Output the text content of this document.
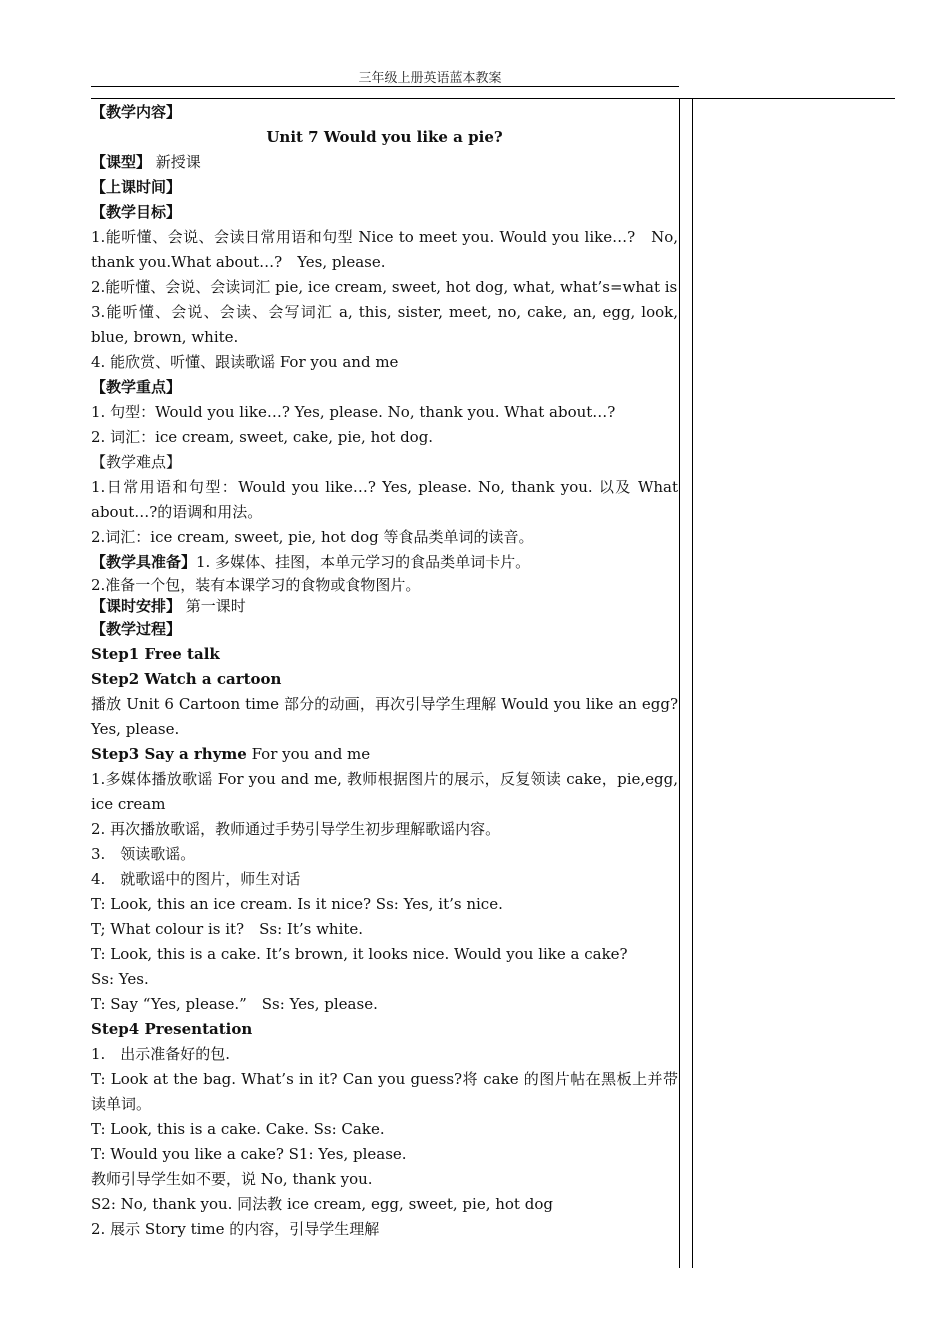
三年级上册英语蓝本教案

【教学内容】

Unit 7 Would you like a pie?

【课型】 新授课

【上课时间】

【教学目标】

1.能听懂、会说、会读日常用语和句型 Nice to meet you. Would you like…?　No, thank you.What about…?　Yes, please.

2.能听懂、会说、会读词汇 pie, ice cream, sweet, hot dog, what, what’s=what is

3.能听懂、会说、会读、会写词汇 a, this, sister, meet, no, cake, an, egg, look, blue, brown, white.

4. 能欣赏、听懂、跟读歌谣 For you and me

【教学重点】

1. 句型：Would you like…? Yes, please. No, thank you. What about…?

2. 词汇：ice cream, sweet, cake, pie, hot dog.

【教学难点】

1.日常用语和句型：Would you like…? Yes, please. No, thank you. 以及 What about…?的语调和用法。

2.词汇：ice cream, sweet, pie, hot dog 等食品类单词的读音。

【教学具准备】1. 多媒体、挂图，本单元学习的食品类单词卡片。

2.准备一个包，装有本课学习的食物或食物图片。

【课时安排】 第一课时

【教学过程】

Step1 Free talk

Step2 Watch a cartoon

播放 Unit 6 Cartoon time 部分的动画，再次引导学生理解 Would you like an egg? Yes, please.

Step3 Say a rhyme For you and me

1.多媒体播放歌谣 For you and me, 教师根据图片的展示，反复领读 cake，pie,egg, ice cream

2. 再次播放歌谣，教师通过手势引导学生初步理解歌谣内容。

3.　领读歌谣。

4.　就歌谣中的图片，师生对话

T: Look, this an ice cream. Is it nice? Ss: Yes, it’s nice.

T; What colour is it?　Ss: It’s white.

T: Look, this is a cake. It’s brown, it looks nice. Would you like a cake?

Ss: Yes.

T: Say “Yes, please.”　Ss: Yes, please.

Step4 Presentation

1.　出示准备好的包.

T: Look at the bag. What’s in it? Can you guess?将 cake 的图片帖在黑板上并带读单词。

T: Look, this is a cake. Cake. Ss: Cake.

T: Would you like a cake? S1: Yes, please.

教师引导学生如不要，说 No, thank you.

S2: No, thank you. 同法教 ice cream, egg, sweet, pie, hot dog

2. 展示 Story time 的内容，引导学生理解
